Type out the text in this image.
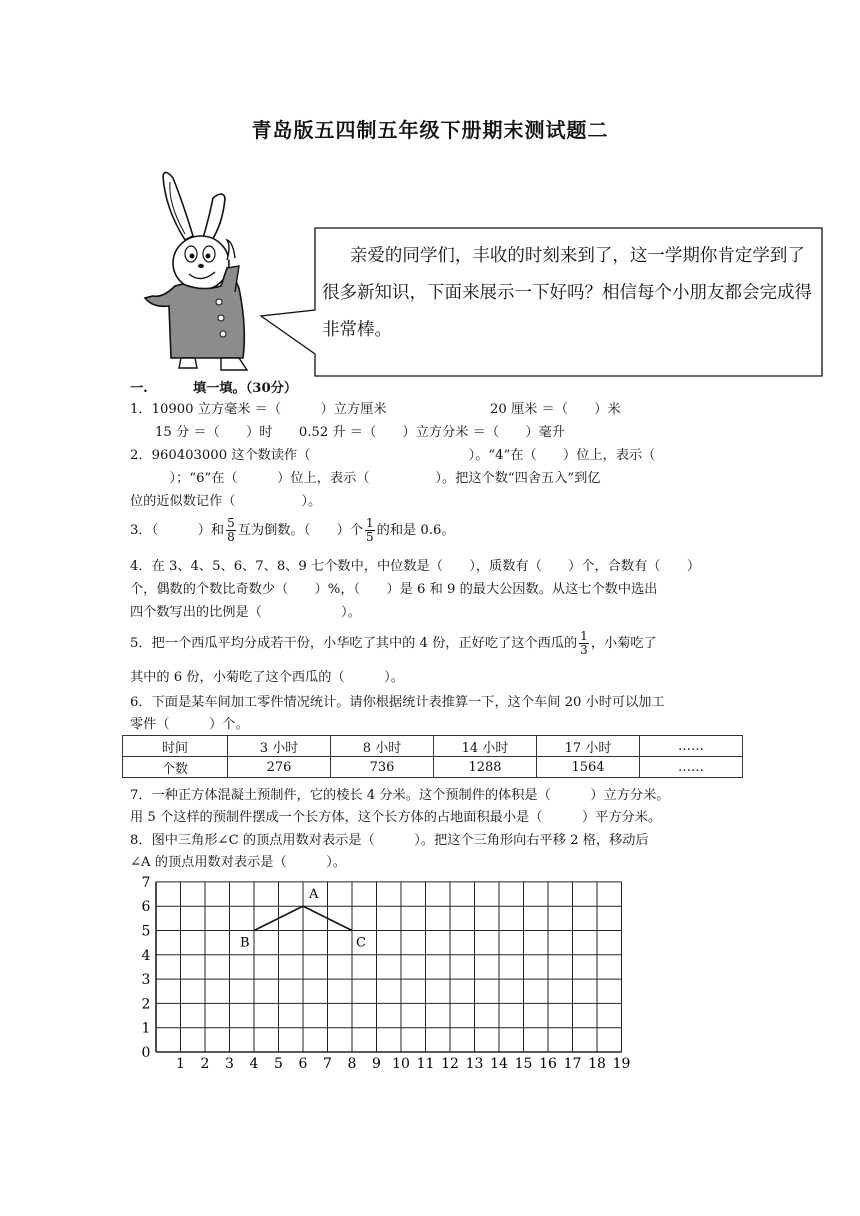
青岛版五四制五年级下册期末测试题二
亲爱的同学们，丰收的时刻来到了，这一学期你肯定学到了很多新知识，下面来展示一下好吗？相信每个小朋友都会完成得非常棒。
一.	填一填。（30分）
1．10900 立方毫米 ＝（　　　）立方厘米	20 厘米 ＝（　　）米
15 分 ＝（　　）时　　0.52 升 ＝（　　）立方分米 ＝（　　）毫升
2．960403000 这个数读作（　　　　　　　　　　　　）。“4”在（　　）位上，表示（
　　　）；“6”在（　　　）位上，表示（　　　　　）。把这个数“四舍五入”到亿
位的近似数记作（　　　　　）。
3．（　　　）和 $\frac{5}{8}$ 互为倒数。（　　）个 $\frac{1}{5}$ 的和是 0.6。
4．在 3、4、5、6、7、8、9 七个数中，中位数是（　　），质数有（　　）个，合数有（　　）
个，偶数的个数比奇数少（　　）%，（　　）是 6 和 9 的最大公因数。从这七个数中选出
四个数写出的比例是（　　　　　　）。
5．把一个西瓜平均分成若干份，小华吃了其中的 4 份，正好吃了这个西瓜的 $\frac{1}{3}$ ，小菊吃了
其中的 6 份，小菊吃了这个西瓜的（　　　）。
6．下面是某车间加工零件情况统计。请你根据统计表推算一下，这个车间 20 小时可以加工
零件（　　　）个。
时间	3 小时	8 小时	14 小时	17 小时	……
个数	276	736	1288	1564	……
7．一种正方体混凝土预制件，它的棱长 4 分米。这个预制件的体积是（　　　）立方分米。
用 5 个这样的预制件摆成一个长方体，这个长方体的占地面积最小是（　　　）平方分米。
8．图中三角形∠C 的顶点用数对表示是（　　　）。把这个三角形向右平移 2 格，移动后
∠A 的顶点用数对表示是（　　　）。
1 2 3 4 5 6 7 8 9 10 11 12 13 14 15 16 17 18 19
0
1
2
3
4
5
6
7
A
B	C
